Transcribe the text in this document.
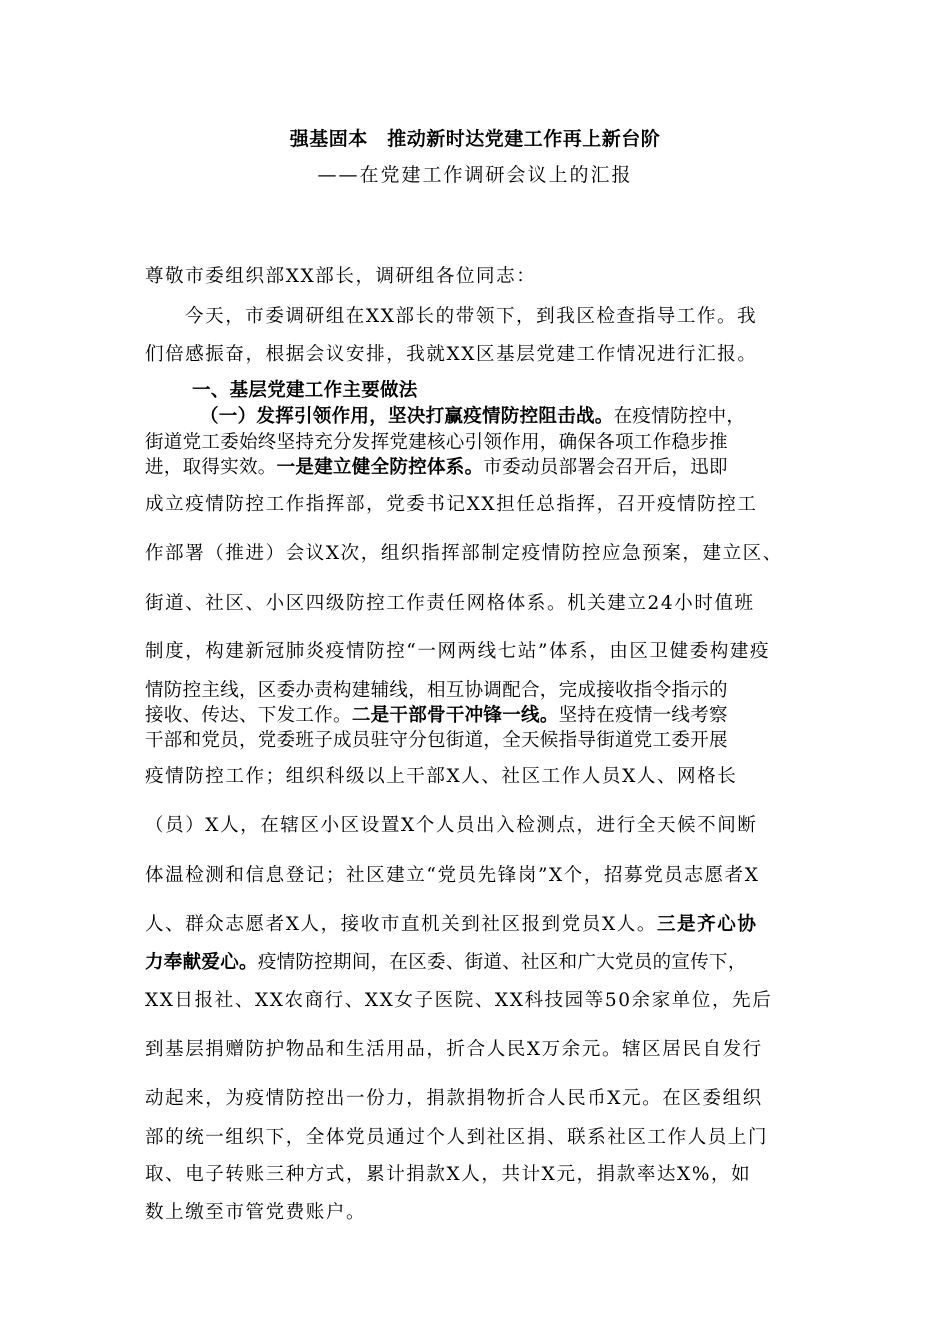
强基固本　推动新时达党建工作再上新台阶
——在党建工作调研会议上的汇报
尊敬市委组织部XX部长，调研组各位同志：
今天，市委调研组在XX部长的带领下，到我区检查指导工作。我
们倍感振奋，根据会议安排，我就XX区基层党建工作情况进行汇报。
一、基层党建工作主要做法
（一）发挥引领作用，坚决打赢疫情防控阻击战。在疫情防控中，
街道党工委始终坚持充分发挥党建核心引领作用，确保各项工作稳步推
进，取得实效。一是建立健全防控体系。市委动员部署会召开后，迅即
成立疫情防控工作指挥部，党委书记XX担任总指挥，召开疫情防控工
作部署（推进）会议X次，组织指挥部制定疫情防控应急预案，建立区、
街道、社区、小区四级防控工作责任网格体系。机关建立24小时值班
制度，构建新冠肺炎疫情防控“一网两线七站”体系，由区卫健委构建疫
情防控主线，区委办责构建辅线，相互协调配合，完成接收指令指示的
接收、传达、下发工作。二是干部骨干冲锋一线。坚持在疫情一线考察
干部和党员，党委班子成员驻守分包街道，全天候指导街道党工委开展
疫情防控工作；组织科级以上干部X人、社区工作人员X人、网格长
（员）X人，在辖区小区设置X个人员出入检测点，进行全天候不间断
体温检测和信息登记；社区建立“党员先锋岗”X个，招募党员志愿者X
人、群众志愿者X人，接收市直机关到社区报到党员X人。三是齐心协
力奉献爱心。疫情防控期间，在区委、街道、社区和广大党员的宣传下，
XX日报社、XX农商行、XX女子医院、XX科技园等50余家单位，先后
到基层捐赠防护物品和生活用品，折合人民X万余元。辖区居民自发行
动起来，为疫情防控出一份力，捐款捐物折合人民币X元。在区委组织
部的统一组织下，全体党员通过个人到社区捐、联系社区工作人员上门
取、电子转账三种方式，累计捐款X人，共计X元，捐款率达X%，如
数上缴至市管党费账户。
